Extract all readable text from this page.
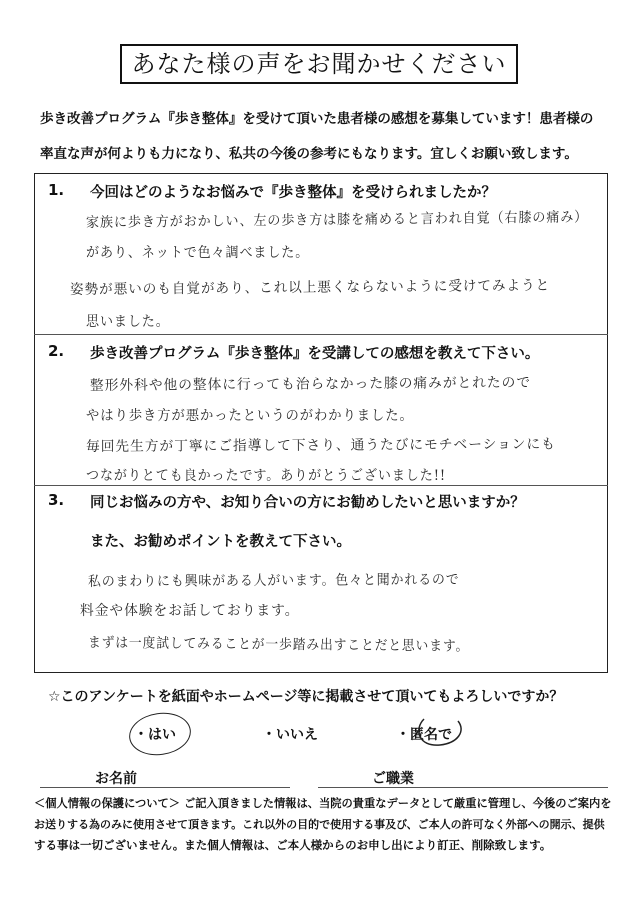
あなた様の声をお聞かせください
歩き改善プログラム『歩き整体』を受けて頂いた患者様の感想を募集しています！患者様の
率直な声が何よりも力になり、私共の今後の参考にもなります。宜しくお願い致します。
1. 今回はどのようなお悩みで『歩き整体』を受けられましたか？
家族に歩き方がおかしい、左の歩き方は膝を痛めると言われ自覚（右膝の痛み）
があり、ネットで色々調べました。
姿勢が悪いのも自覚があり、これ以上悪くならないように受けてみようと
思いました。
2. 歩き改善プログラム『歩き整体』を受講しての感想を教えて下さい。
整形外科や他の整体に行っても治らなかった膝の痛みがとれたので
やはり歩き方が悪かったというのがわかりました。
毎回先生方が丁寧にご指導して下さり、通うたびにモチベーションにも
つながりとても良かったです。ありがとうございました!!
3. 同じお悩みの方や、お知り合いの方にお勧めしたいと思いますか？
また、お勧めポイントを教えて下さい。
私のまわりにも興味がある人がいます。色々と聞かれるので
料金や体験をお話しております。
まずは一度試してみることが一歩踏み出すことだと思います。
☆このアンケートを紙面やホームページ等に掲載させて頂いてもよろしいですか？
・はい	・いいえ	・匿名で
お名前	ご職業
＜個人情報の保護について＞ ご記入頂きました情報は、当院の貴重なデータとして厳重に管理し、今後のご案内を
お送りする為のみに使用させて頂きます。これ以外の目的で使用する事及び、ご本人の許可なく外部への開示、提供
する事は一切ございません。また個人情報は、ご本人様からのお申し出により訂正、削除致します。
